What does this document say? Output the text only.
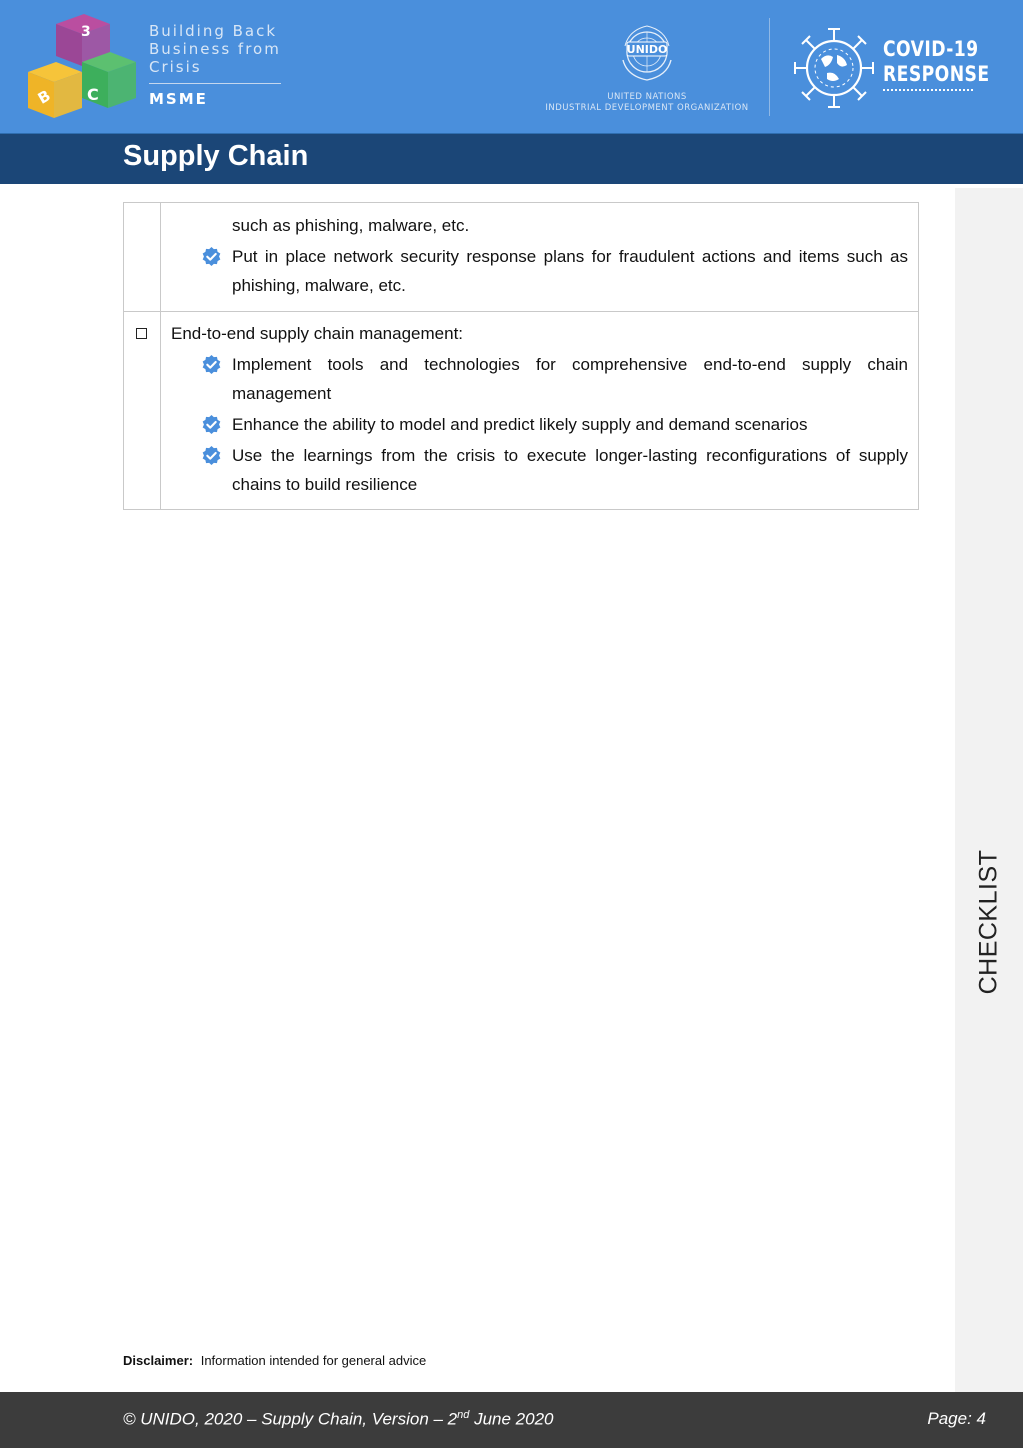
3
B C
Building Back
Business from
Crisis
MSME
UNIDO
UNITED NATIONS
INDUSTRIAL DEVELOPMENT ORGANIZATION
COVID-19
RESPONSE
Supply Chain
CHECKLIST
such as phishing, malware, etc.
Put in place network security response plans for fraudulent actions and items such as phishing, malware, etc.
End-to-end supply chain management:
Implement tools and technologies for comprehensive end-to-end supply chain management
Enhance the ability to model and predict likely supply and demand scenarios
Use the learnings from the crisis to execute longer-lasting reconfigurations of supply chains to build resilience
Disclaimer: Information intended for general advice
© UNIDO, 2020 – Supply Chain, Version – 2nd June 2020	Page: 4
